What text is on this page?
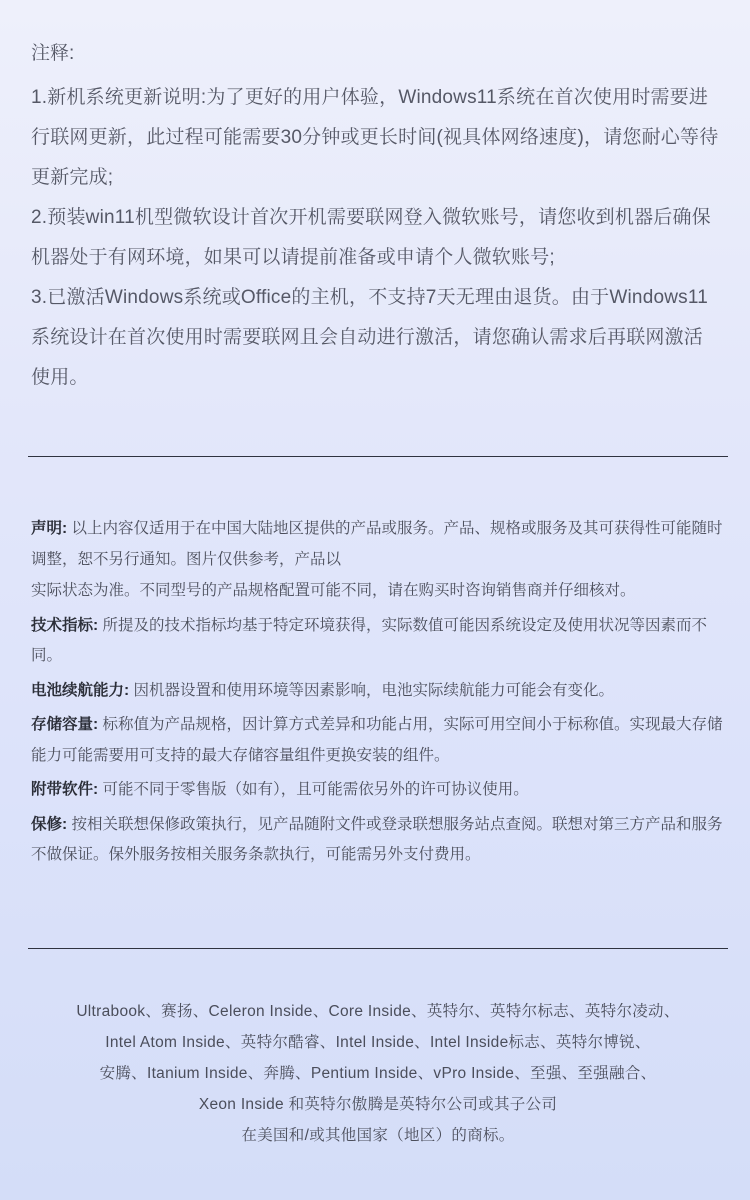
注释:

1.新机系统更新说明:为了更好的用户体验，Windows11系统在首次使用时需要进行联网更新，此过程可能需要30分钟或更长时间(视具体网络速度)，请您耐心等待更新完成;

2.预装win11机型微软设计首次开机需要联网登入微软账号，请您收到机器后确保机器处于有网环境，如果可以请提前准备或申请个人微软账号;

3.已激活Windows系统或Office的主机，不支持7天无理由退货。由于Windows11系统设计在首次使用时需要联网且会自动进行激活，请您确认需求后再联网激活使用。

声明: 以上内容仅适用于在中国大陆地区提供的产品或服务。产品、规格或服务及其可获得性可能随时调整，恕不另行通知。图片仅供参考，产品以
实际状态为准。不同型号的产品规格配置可能不同，请在购买时咨询销售商并仔细核对。

技术指标: 所提及的技术指标均基于特定环境获得，实际数值可能因系统设定及使用状况等因素而不同。

电池续航能力: 因机器设置和使用环境等因素影响，电池实际续航能力可能会有变化。

存储容量: 标称值为产品规格，因计算方式差异和功能占用，实际可用空间小于标称值。实现最大存储能力可能需要用可支持的最大存储容量组件更换安装的组件。

附带软件: 可能不同于零售版（如有），且可能需依另外的许可协议使用。

保修: 按相关联想保修政策执行，见产品随附文件或登录联想服务站点查阅。联想对第三方产品和服务不做保证。保外服务按相关服务条款执行，可能需另外支付费用。

Ultrabook、赛扬、Celeron Inside、Core Inside、英特尔、英特尔标志、英特尔凌动、

Intel Atom Inside、英特尔酷睿、Intel Inside、Intel Inside标志、英特尔博锐、

安腾、Itanium Inside、奔腾、Pentium Inside、vPro Inside、至强、至强融合、

Xeon Inside 和英特尔傲腾是英特尔公司或其子公司

在美国和/或其他国家（地区）的商标。
